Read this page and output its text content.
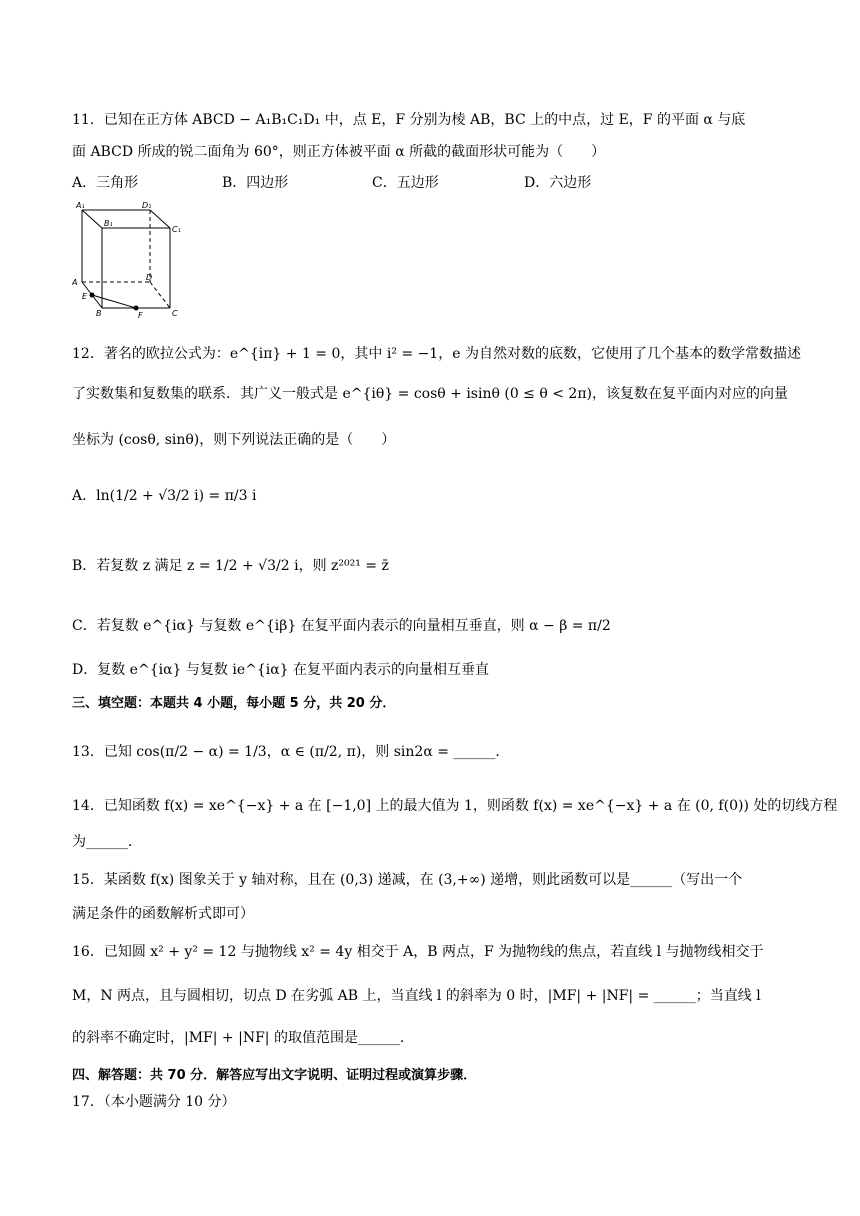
11．已知在正方体 ABCD − A₁B₁C₁D₁ 中，点 E，F 分别为棱 AB，BC 上的中点，过 E，F 的平面 α 与底
面 ABCD 所成的锐二面角为 60°，则正方体被平面 α 所截的截面形状可能为（　　）
A．三角形	B．四边形	C．五边形	D．六边形
A₁	D₁
B₁
C₁
D
A
E
B	F	C
12．著名的欧拉公式为：e^{iπ} + 1 = 0，其中 i² = −1，e 为自然对数的底数，它使用了几个基本的数学常数描述
了实数集和复数集的联系．其广义一般式是 e^{iθ} = cosθ + isinθ (0 ≤ θ < 2π)，该复数在复平面内对应的向量
坐标为 (cosθ, sinθ)，则下列说法正确的是（　　）
A．ln(1/2 + √3/2 i) = π/3 i
B．若复数 z 满足 z = 1/2 + √3/2 i，则 z²⁰²¹ = z̄
C．若复数 e^{iα} 与复数 e^{iβ} 在复平面内表示的向量相互垂直，则 α − β = π/2
D．复数 e^{iα} 与复数 ie^{iα} 在复平面内表示的向量相互垂直
三、填空题：本题共 4 小题，每小题 5 分，共 20 分．
13．已知 cos(π/2 − α) = 1/3，α ∈ (π/2, π)，则 sin2α = ______．
14．已知函数 f(x) = xe^{−x} + a 在 [−1,0] 上的最大值为 1，则函数 f(x) = xe^{−x} + a 在 (0, f(0)) 处的切线方程
为______．
15．某函数 f(x) 图象关于 y 轴对称，且在 (0,3) 递减，在 (3,+∞) 递增，则此函数可以是______（写出一个
满足条件的函数解析式即可）
16．已知圆 x² + y² = 12 与抛物线 x² = 4y 相交于 A，B 两点，F 为抛物线的焦点，若直线 l 与抛物线相交于
M，N 两点，且与圆相切，切点 D 在劣弧 AB 上，当直线 l 的斜率为 0 时，|MF| + |NF| = ______；当直线 l
的斜率不确定时，|MF| + |NF| 的取值范围是______．
四、解答题：共 70 分．解答应写出文字说明、证明过程或演算步骤．
17．（本小题满分 10 分）
